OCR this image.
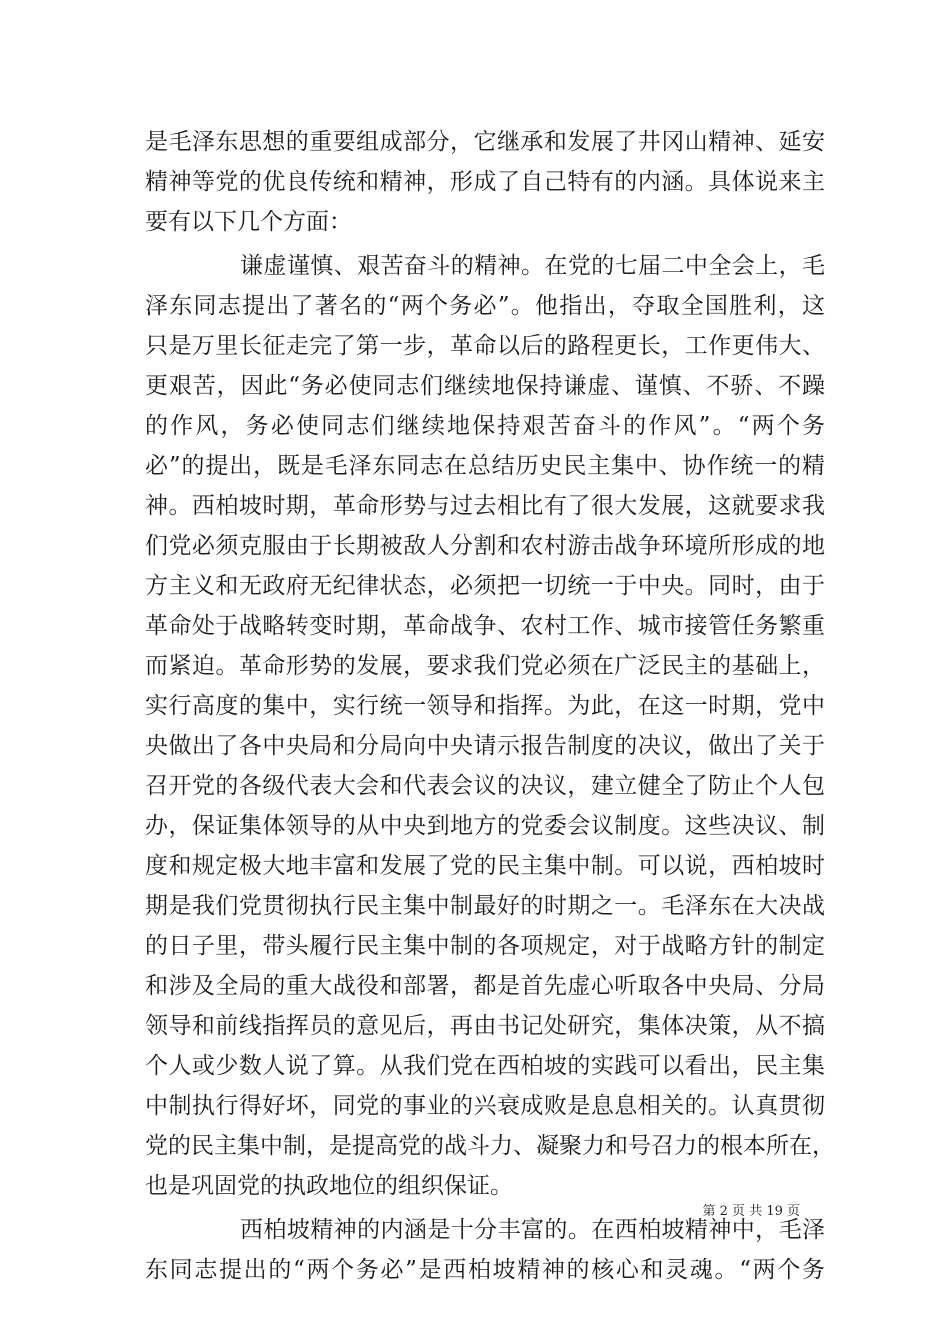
是毛泽东思想的重要组成部分，它继承和发展了井冈山精神、延安
精神等党的优良传统和精神，形成了自己特有的内涵。具体说来主
要有以下几个方面：
谦虚谨慎、艰苦奋斗的精神。在党的七届二中全会上，毛
泽东同志提出了著名的“两个务必”。他指出，夺取全国胜利，这
只是万里长征走完了第一步，革命以后的路程更长，工作更伟大、
更艰苦，因此“务必使同志们继续地保持谦虚、谨慎、不骄、不躁
的作风，务必使同志们继续地保持艰苦奋斗的作风”。“两个务
必”的提出，既是毛泽东同志在总结历史民主集中、协作统一的精
神。西柏坡时期，革命形势与过去相比有了很大发展，这就要求我
们党必须克服由于长期被敌人分割和农村游击战争环境所形成的地
方主义和无政府无纪律状态，必须把一切统一于中央。同时，由于
革命处于战略转变时期，革命战争、农村工作、城市接管任务繁重
而紧迫。革命形势的发展，要求我们党必须在广泛民主的基础上，
实行高度的集中，实行统一领导和指挥。为此，在这一时期，党中
央做出了各中央局和分局向中央请示报告制度的决议，做出了关于
召开党的各级代表大会和代表会议的决议，建立健全了防止个人包
办，保证集体领导的从中央到地方的党委会议制度。这些决议、制
度和规定极大地丰富和发展了党的民主集中制。可以说，西柏坡时
期是我们党贯彻执行民主集中制最好的时期之一。毛泽东在大决战
的日子里，带头履行民主集中制的各项规定，对于战略方针的制定
和涉及全局的重大战役和部署，都是首先虚心听取各中央局、分局
领导和前线指挥员的意见后，再由书记处研究，集体决策，从不搞
个人或少数人说了算。从我们党在西柏坡的实践可以看出，民主集
中制执行得好坏，同党的事业的兴衰成败是息息相关的。认真贯彻
党的民主集中制，是提高党的战斗力、凝聚力和号召力的根本所在，
也是巩固党的执政地位的组织保证。
西柏坡精神的内涵是十分丰富的。在西柏坡精神中，毛泽
东同志提出的“两个务必”是西柏坡精神的核心和灵魂。“两个务
第 2 页 共 19 页
